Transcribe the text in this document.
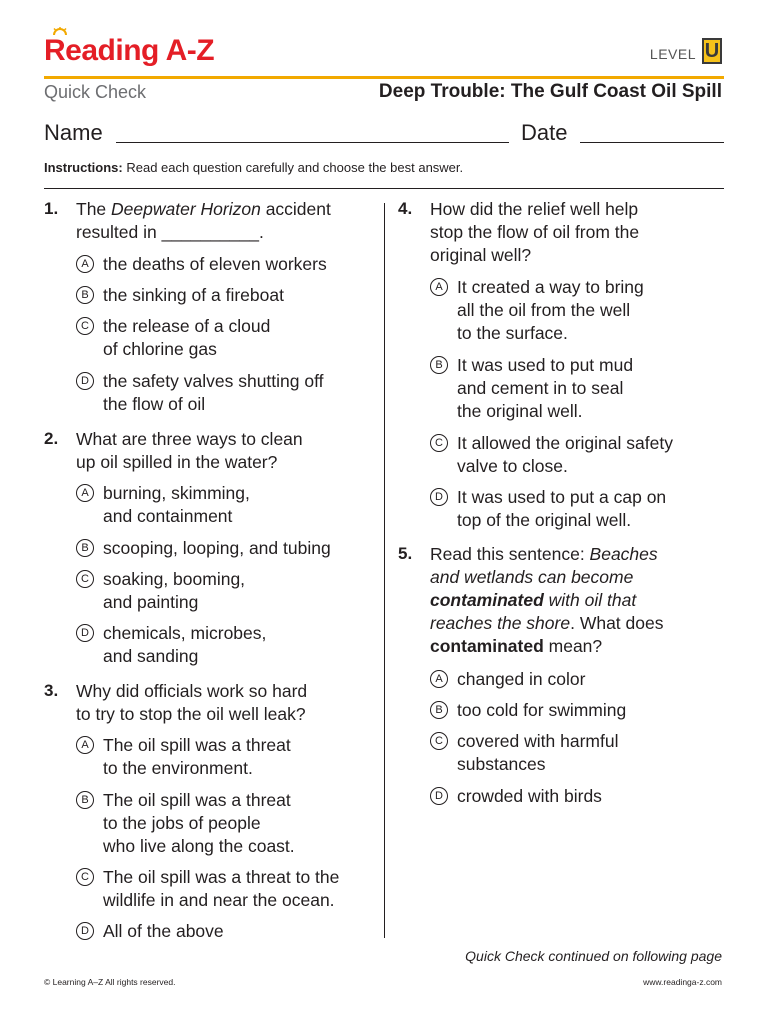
Reading A-Z	LEVEL U
Quick Check	Deep Trouble: The Gulf Coast Oil Spill
Name	Date
Instructions: Read each question carefully and choose the best answer.
1. The Deepwater Horizon accident
resulted in __________.
A the deaths of eleven workers
B the sinking of a fireboat
C the release of a cloud
of chlorine gas
D the safety valves shutting off
the flow of oil
2. What are three ways to clean
up oil spilled in the water?
A burning, skimming,
and containment
B scooping, looping, and tubing
C soaking, booming,
and painting
D chemicals, microbes,
and sanding
3. Why did officials work so hard
to try to stop the oil well leak?
A The oil spill was a threat
to the environment.
B The oil spill was a threat
to the jobs of people
who live along the coast.
C The oil spill was a threat to the
wildlife in and near the ocean.
D All of the above
4. How did the relief well help
stop the flow of oil from the
original well?
A It created a way to bring
all the oil from the well
to the surface.
B It was used to put mud
and cement in to seal
the original well.
C It allowed the original safety
valve to close.
D It was used to put a cap on
top of the original well.
5. Read this sentence: Beaches
and wetlands can become
contaminated with oil that
reaches the shore. What does
contaminated mean?
A changed in color
B too cold for swimming
C covered with harmful
substances
D crowded with birds
Quick Check continued on following page
© Learning A–Z All rights reserved.	www.readinga-z.com
